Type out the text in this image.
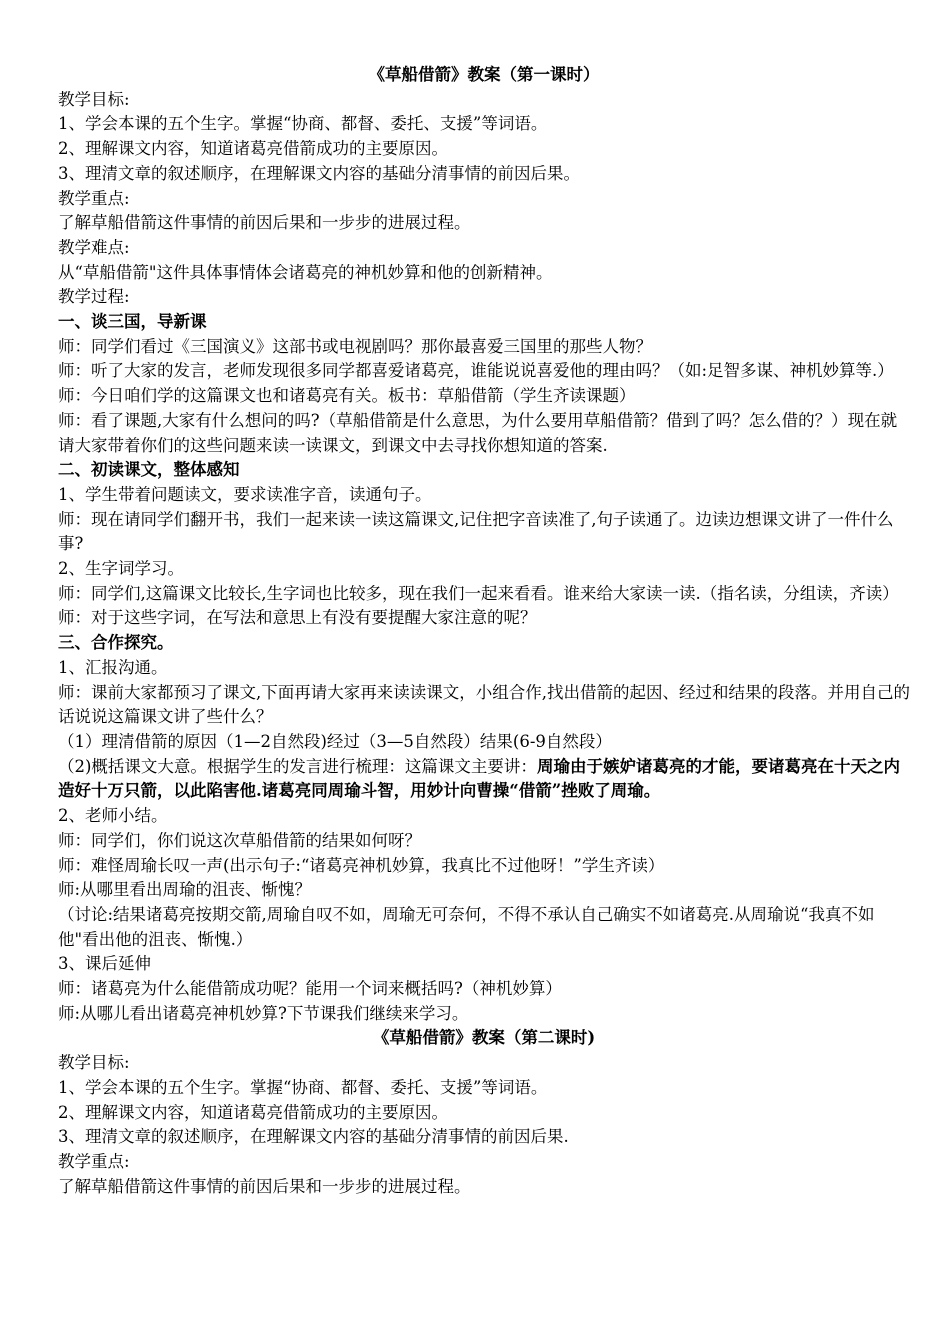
《草船借箭》教案（第一课时）

教学目标:

1、学会本课的五个生字。掌握“协商、都督、委托、支援”等词语。

2、理解课文内容，知道诸葛亮借箭成功的主要原因。

3、理清文章的叙述顺序，在理解课文内容的基础分清事情的前因后果。

教学重点:

了解草船借箭这件事情的前因后果和一步步的进展过程。

教学难点:

从“草船借箭"这件具体事情体会诸葛亮的神机妙算和他的创新精神。

教学过程:

一、谈三国，导新课

师：同学们看过《三国演义》这部书或电视剧吗？那你最喜爱三国里的那些人物？

师：听了大家的发言，老师发现很多同学都喜爱诸葛亮，谁能说说喜爱他的理由吗？（如:足智多谋、神机妙算等.）

师：今日咱们学的这篇课文也和诸葛亮有关。板书：草船借箭（学生齐读课题）

师：看了课题,大家有什么想问的吗?（草船借箭是什么意思，为什么要用草船借箭？借到了吗？怎么借的？）现在就请大家带着你们的这些问题来读一读课文，到课文中去寻找你想知道的答案.

二、初读课文，整体感知

1、学生带着问题读文，要求读准字音，读通句子。

师：现在请同学们翻开书，我们一起来读一读这篇课文,记住把字音读准了,句子读通了。边读边想课文讲了一件什么事?

2、生字词学习。

师：同学们,这篇课文比较长,生字词也比较多，现在我们一起来看看。谁来给大家读一读.（指名读，分组读，齐读）

师：对于这些字词，在写法和意思上有没有要提醒大家注意的呢？

三、合作探究。

1、汇报沟通。

师：课前大家都预习了课文,下面再请大家再来读读课文，小组合作,找出借箭的起因、经过和结果的段落。并用自己的话说说这篇课文讲了些什么？

（1）理清借箭的原因（1—2自然段)经过（3—5自然段）结果(6-9自然段）

（2)概括课文大意。根据学生的发言进行梳理：这篇课文主要讲：周瑜由于嫉妒诸葛亮的才能，要诸葛亮在十天之内造好十万只箭，以此陷害他.诸葛亮同周瑜斗智，用妙计向曹操“借箭”挫败了周瑜。

2、老师小结。

师：同学们，你们说这次草船借箭的结果如何呀？

师：难怪周瑜长叹一声(出示句子:“诸葛亮神机妙算，我真比不过他呀！”学生齐读）

师:从哪里看出周瑜的沮丧、惭愧？

（讨论:结果诸葛亮按期交箭,周瑜自叹不如，周瑜无可奈何，不得不承认自己确实不如诸葛亮.从周瑜说“我真不如他"看出他的沮丧、惭愧.）

3、课后延伸

师：诸葛亮为什么能借箭成功呢？能用一个词来概括吗?（神机妙算）

师:从哪儿看出诸葛亮神机妙算?下节课我们继续来学习。

《草船借箭》教案（第二课时)

教学目标:

1、学会本课的五个生字。掌握“协商、都督、委托、支援”等词语。

2、理解课文内容，知道诸葛亮借箭成功的主要原因。

3、理清文章的叙述顺序，在理解课文内容的基础分清事情的前因后果.

教学重点:

了解草船借箭这件事情的前因后果和一步步的进展过程。
